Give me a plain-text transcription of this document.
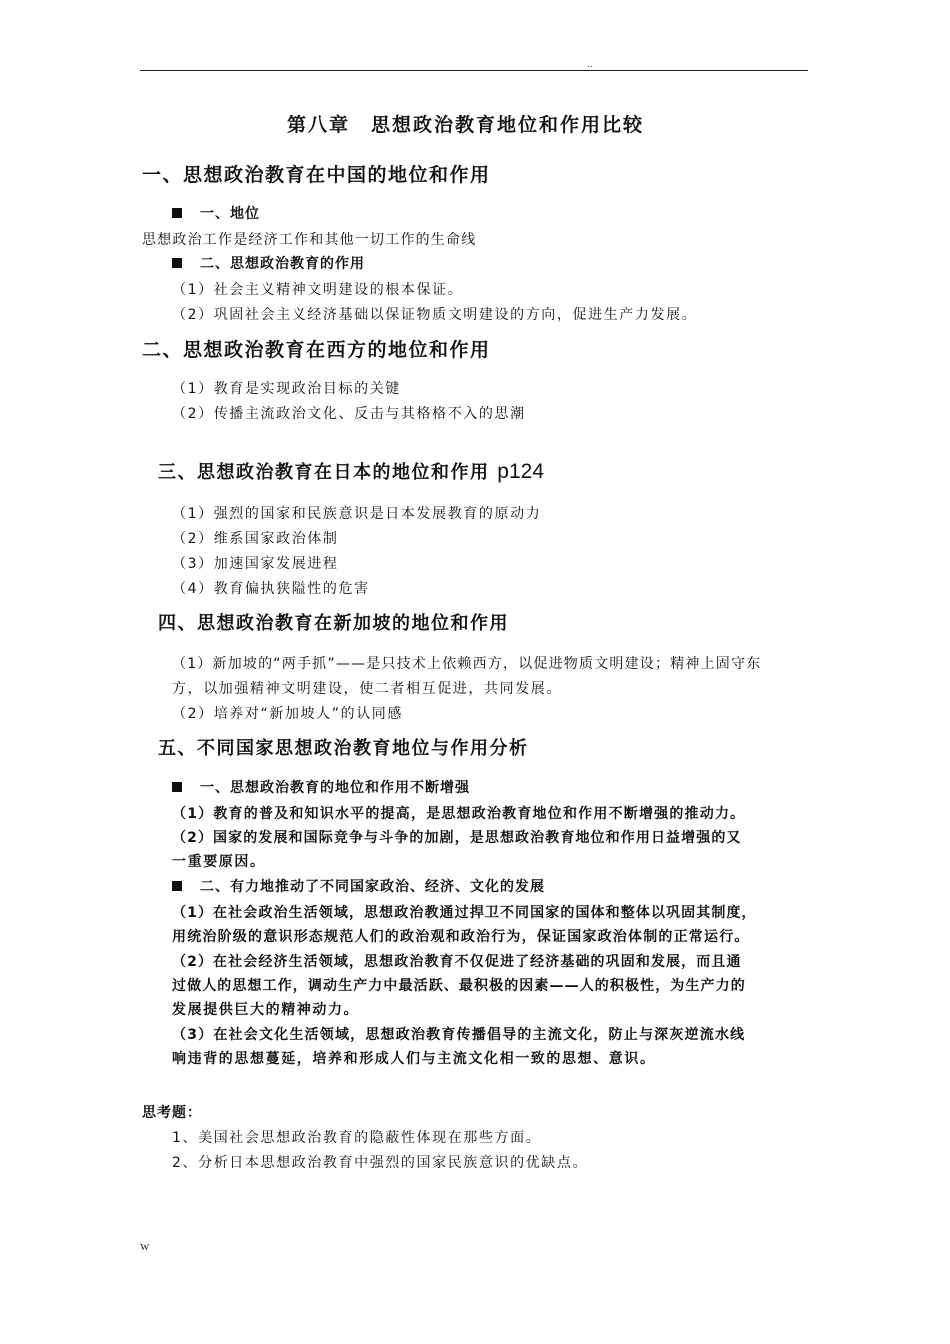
..
第八章　思想政治教育地位和作用比较
一、思想政治教育在中国的地位和作用
一、地位
思想政治工作是经济工作和其他一切工作的生命线
二、思想政治教育的作用
（1）社会主义精神文明建设的根本保证。
（2）巩固社会主义经济基础以保证物质文明建设的方向，促进生产力发展。
二、思想政治教育在西方的地位和作用
（1）教育是实现政治目标的关键
（2）传播主流政治文化、反击与其格格不入的思潮
三、思想政治教育在日本的地位和作用 p124
（1）强烈的国家和民族意识是日本发展教育的原动力
（2）维系国家政治体制
（3）加速国家发展进程
（4）教育偏执狭隘性的危害
四、思想政治教育在新加坡的地位和作用
（1）新加坡的“两手抓”——是只技术上依赖西方，以促进物质文明建设；精神上固守东
方，以加强精神文明建设，使二者相互促进，共同发展。
（2）培养对“新加坡人”的认同感
五、不同国家思想政治教育地位与作用分析
一、思想政治教育的地位和作用不断增强
（1）教育的普及和知识水平的提高，是思想政治教育地位和作用不断增强的推动力。
（2）国家的发展和国际竞争与斗争的加剧，是思想政治教育地位和作用日益增强的又
一重要原因。
二、有力地推动了不同国家政治、经济、文化的发展
（1）在社会政治生活领域，思想政治教通过捍卫不同国家的国体和整体以巩固其制度，
用统治阶级的意识形态规范人们的政治观和政治行为，保证国家政治体制的正常运行。
（2）在社会经济生活领域，思想政治教育不仅促进了经济基础的巩固和发展，而且通
过做人的思想工作，调动生产力中最活跃、最积极的因素——人的积极性，为生产力的
发展提供巨大的精神动力。
（3）在社会文化生活领域，思想政治教育传播倡导的主流文化，防止与深灰逆流水线
响违背的思想蔓延，培养和形成人们与主流文化相一致的思想、意识。
思考题：
1、美国社会思想政治教育的隐蔽性体现在那些方面。
2、分析日本思想政治教育中强烈的国家民族意识的优缺点。
w
